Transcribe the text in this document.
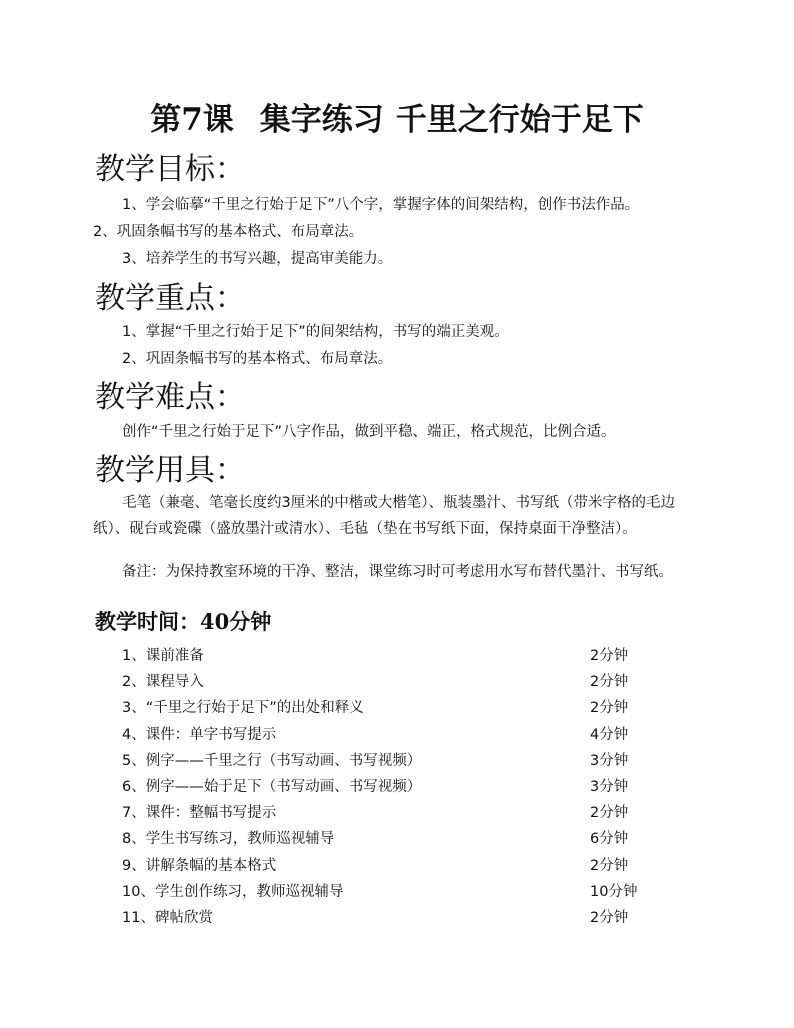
第7课 集字练习 千里之行始于足下
教学目标：
1、学会临摹“千里之行始于足下”八个字，掌握字体的间架结构，创作书法作品。
2、巩固条幅书写的基本格式、布局章法。
3、培养学生的书写兴趣，提高审美能力。
教学重点：
1、掌握“千里之行始于足下”的间架结构，书写的端正美观。
2、巩固条幅书写的基本格式、布局章法。
教学难点：
创作“千里之行始于足下”八字作品，做到平稳、端正，格式规范，比例合适。
教学用具：
毛笔（兼毫、笔毫长度约3厘米的中楷或大楷笔）、瓶装墨汁、书写纸（带米字格的毛边纸）、砚台或瓷碟（盛放墨汁或清水）、毛毡（垫在书写纸下面，保持桌面干净整洁）。
备注：为保持教室环境的干净、整洁，课堂练习时可考虑用水写布替代墨汁、书写纸。
教学时间：40分钟
1、课前准备	2分钟
2、课程导入	2分钟
3、“千里之行始于足下”的出处和释义	2分钟
4、课件：单字书写提示	4分钟
5、例字——千里之行（书写动画、书写视频）	3分钟
6、例字——始于足下（书写动画、书写视频）	3分钟
7、课件：整幅书写提示	2分钟
8、学生书写练习，教师巡视辅导	6分钟
9、讲解条幅的基本格式	2分钟
10、学生创作练习，教师巡视辅导	10分钟
11、碑帖欣赏	2分钟
